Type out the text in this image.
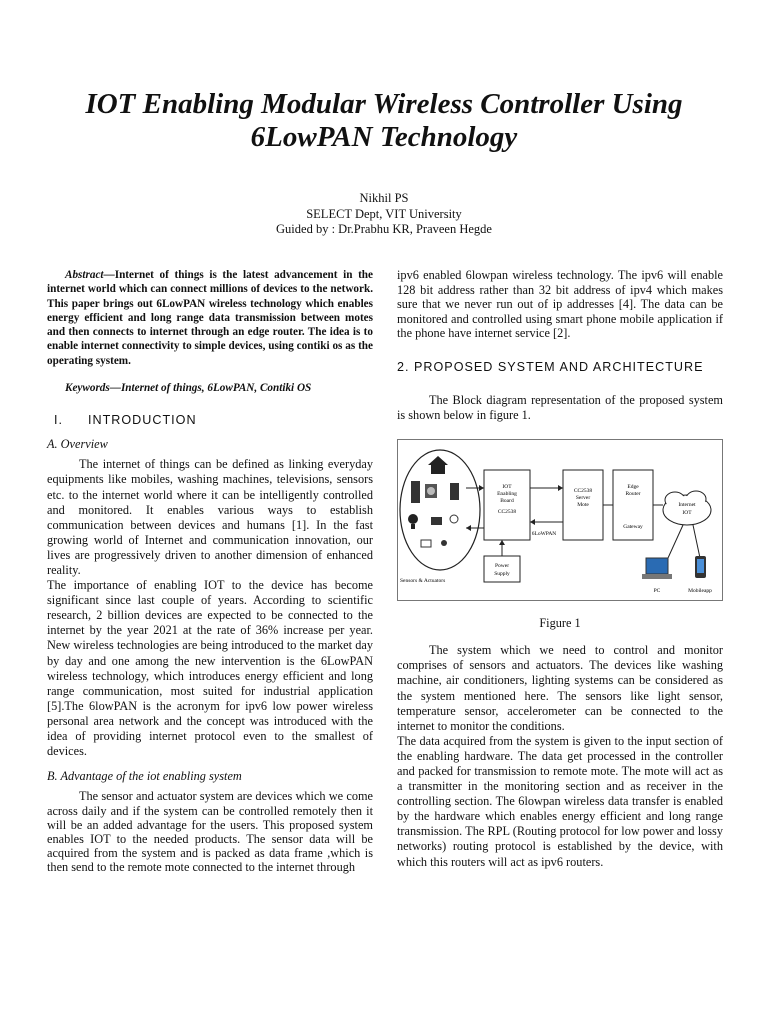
IOT Enabling Modular Wireless Controller Using 6LowPAN Technology
Nikhil PS
SELECT Dept, VIT University
Guided by : Dr.Prabhu KR, Praveen Hegde

Abstract—Internet of things is the latest advancement in the internet world which can connect millions of devices to the network. This paper brings out 6LowPAN wireless technology which enables energy efficient and long range data transmission between motes and then connects to internet through an edge router. The idea is to enable internet connectivity to simple devices, using contiki os as the operating system.

Keywords—Internet of things, 6LowPAN, Contiki OS

I. INTRODUCTION
A. Overview

The internet of things can be defined as linking everyday equipments like mobiles, washing machines, televisions, sensors etc. to the internet world where it can be intelligently controlled and monitored. It enables various ways to establish communication between devices and humans [1]. In the fast growing world of Internet and communication innovation, our lives are progressively driven to another dimension of enhanced reality.

The importance of enabling IOT to the device has become significant since last couple of years. According to scientific research, 2 billion devices are expected to be connected to the internet by the year 2021 at the rate of 36% increase per year. New wireless technologies are being introduced to the market day by day and one among the new intervention is the 6LowPAN wireless technology, which introduces energy efficient and long range communication, most suited for industrial application [5].The 6lowPAN is the acronym for ipv6 low power wireless personal area network and the concept was introduced with the idea of providing internet protocol even to the smallest of devices.

B. Advantage of the iot enabling system

The sensor and actuator system are devices which we come across daily and if the system can be controlled remotely then it will be an added advantage for the users. This proposed system enables IOT to the needed products. The sensor data will be acquired from the system and is packed as data frame ,which is then send to the remote mote connected to the internet through

ipv6 enabled 6lowpan wireless technology. The ipv6 will enable 128 bit address rather than 32 bit address of ipv4 which makes sure that we never run out of ip addresses [4]. The data can be monitored and controlled using smart phone mobile application if the phone have internet service [2].

2. PROPOSED SYSTEM AND ARCHITECTURE

The Block diagram representation of the proposed system is shown below in figure 1.

Sensors & Actuators
IOT
Enabling
Board
CC2538
CC2538
Server
Mote
Edge
Router
Gateway
Internet
IOT
Power
Supply
6LoWPAN
PC	Mobileapp
Figure 1

The system which we need to control and monitor comprises of sensors and actuators. The devices like washing machine, air conditioners, lighting systems can be considered as the system mentioned here. The sensors like light sensor, temperature sensor, accelerometer can be connected to the internet to monitor the conditions.

The data acquired from the system is given to the input section of the enabling hardware. The data get processed in the controller and packed for transmission to remote mote. The mote will act as a transmitter in the monitoring section and as receiver in the controlling section. The 6lowpan wireless data transfer is enabled by the hardware which enables energy efficient and long range transmission. The RPL (Routing protocol for low power and lossy networks) routing protocol is established by the device, with which this routers will act as ipv6 routers.
